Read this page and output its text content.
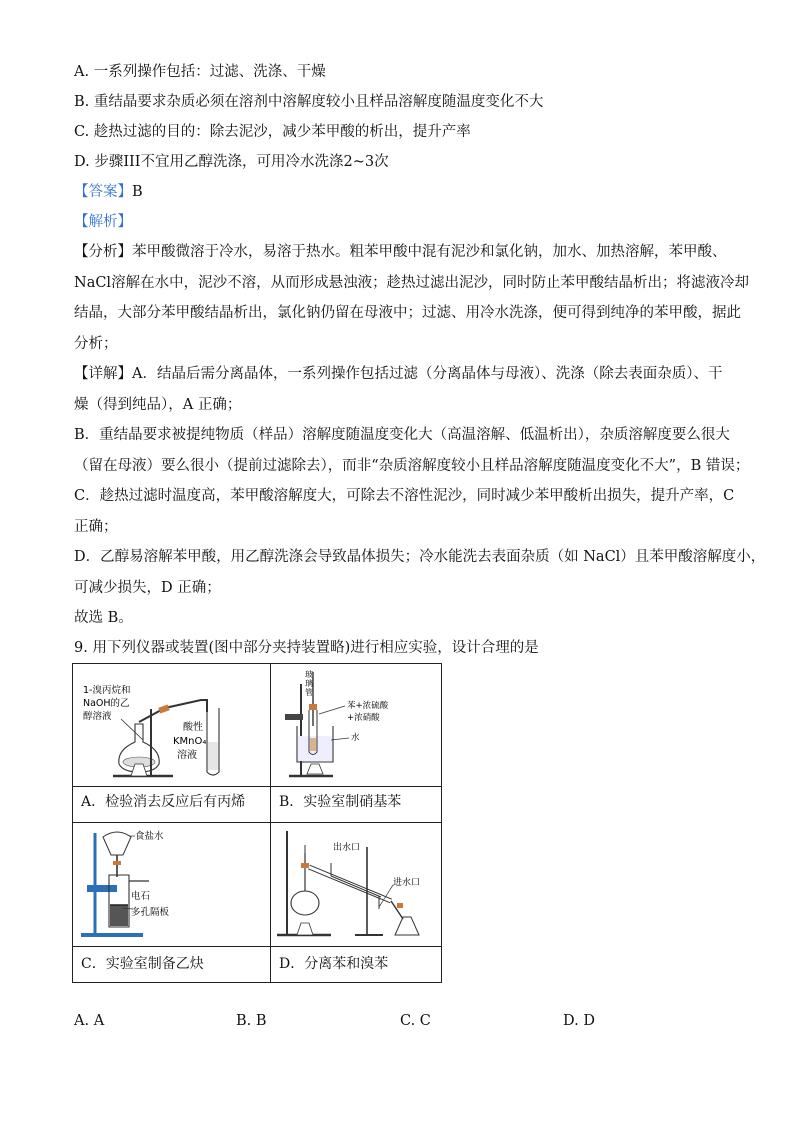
A. 一系列操作包括：过滤、洗涤、干燥
B. 重结晶要求杂质必须在溶剂中溶解度较小且样品溶解度随温度变化不大
C. 趁热过滤的目的：除去泥沙，减少苯甲酸的析出，提升产率
D. 步骤III不宜用乙醇洗涤，可用冷水洗涤2~3次
【答案】B
【解析】
【分析】苯甲酸微溶于冷水，易溶于热水。粗苯甲酸中混有泥沙和氯化钠，加水、加热溶解，苯甲酸、
NaCl溶解在水中，泥沙不溶，从而形成悬浊液；趁热过滤出泥沙，同时防止苯甲酸结晶析出；将滤液冷却
结晶，大部分苯甲酸结晶析出，氯化钠仍留在母液中；过滤、用冷水洗涤，便可得到纯净的苯甲酸，据此
分析；
【详解】A．结晶后需分离晶体，一系列操作包括过滤（分离晶体与母液）、洗涤（除去表面杂质）、干
燥（得到纯品），A 正确；
B．重结晶要求被提纯物质（样品）溶解度随温度变化大（高温溶解、低温析出），杂质溶解度要么很大
（留在母液）要么很小（提前过滤除去），而非“杂质溶解度较小且样品溶解度随温度变化不大”，B 错误；
C．趁热过滤时温度高，苯甲酸溶解度大，可除去不溶性泥沙，同时减少苯甲酸析出损失，提升产率，C
正确；
D．乙醇易溶解苯甲酸，用乙醇洗涤会导致晶体损失；冷水能洗去表面杂质（如 NaCl）且苯甲酸溶解度小，
可减少损失，D 正确；
故选 B。
9. 用下列仪器或装置(图中部分夹持装置略)进行相应实验，设计合理的是
1-溴丙烷和
NaOH的乙
醇溶液
酸性
KMnO₄
溶液
玻
璃
管
苯+浓硫酸
+浓硝酸
水
A．检验消去反应后有丙烯 B．实验室制硝基苯
食盐水
电石
多孔隔板
出水口
进水口
C．实验室制备乙炔	D．分离苯和溴苯
A. A	B. B	C. C	D. D
